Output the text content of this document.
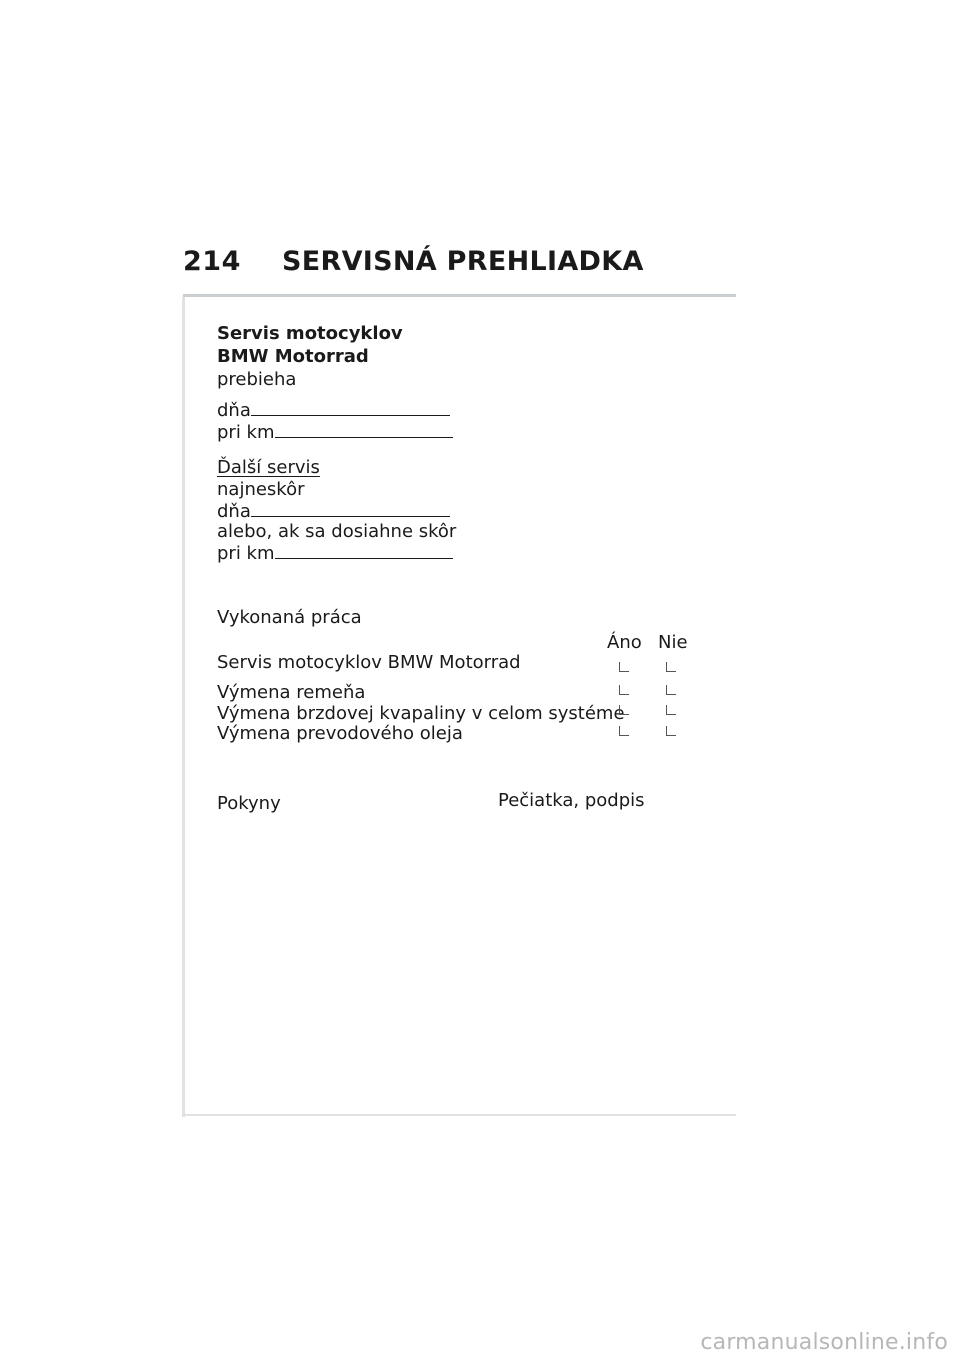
214 SERVISNÁ PREHLIADKA
Servis motocyklov
BMW Motorrad
prebieha
dňa
pri km
Ďalší servis
najneskôr
dňa
alebo, ak sa dosiahne skôr
pri km
Vykonaná práca
Áno Nie
Servis motocyklov BMW Motorrad
Výmena remeňa
Výmena brzdovej kvapaliny v celom systéme
Výmena prevodového oleja
Pokyny	Pečiatka, podpis
carmanualsonline.info
